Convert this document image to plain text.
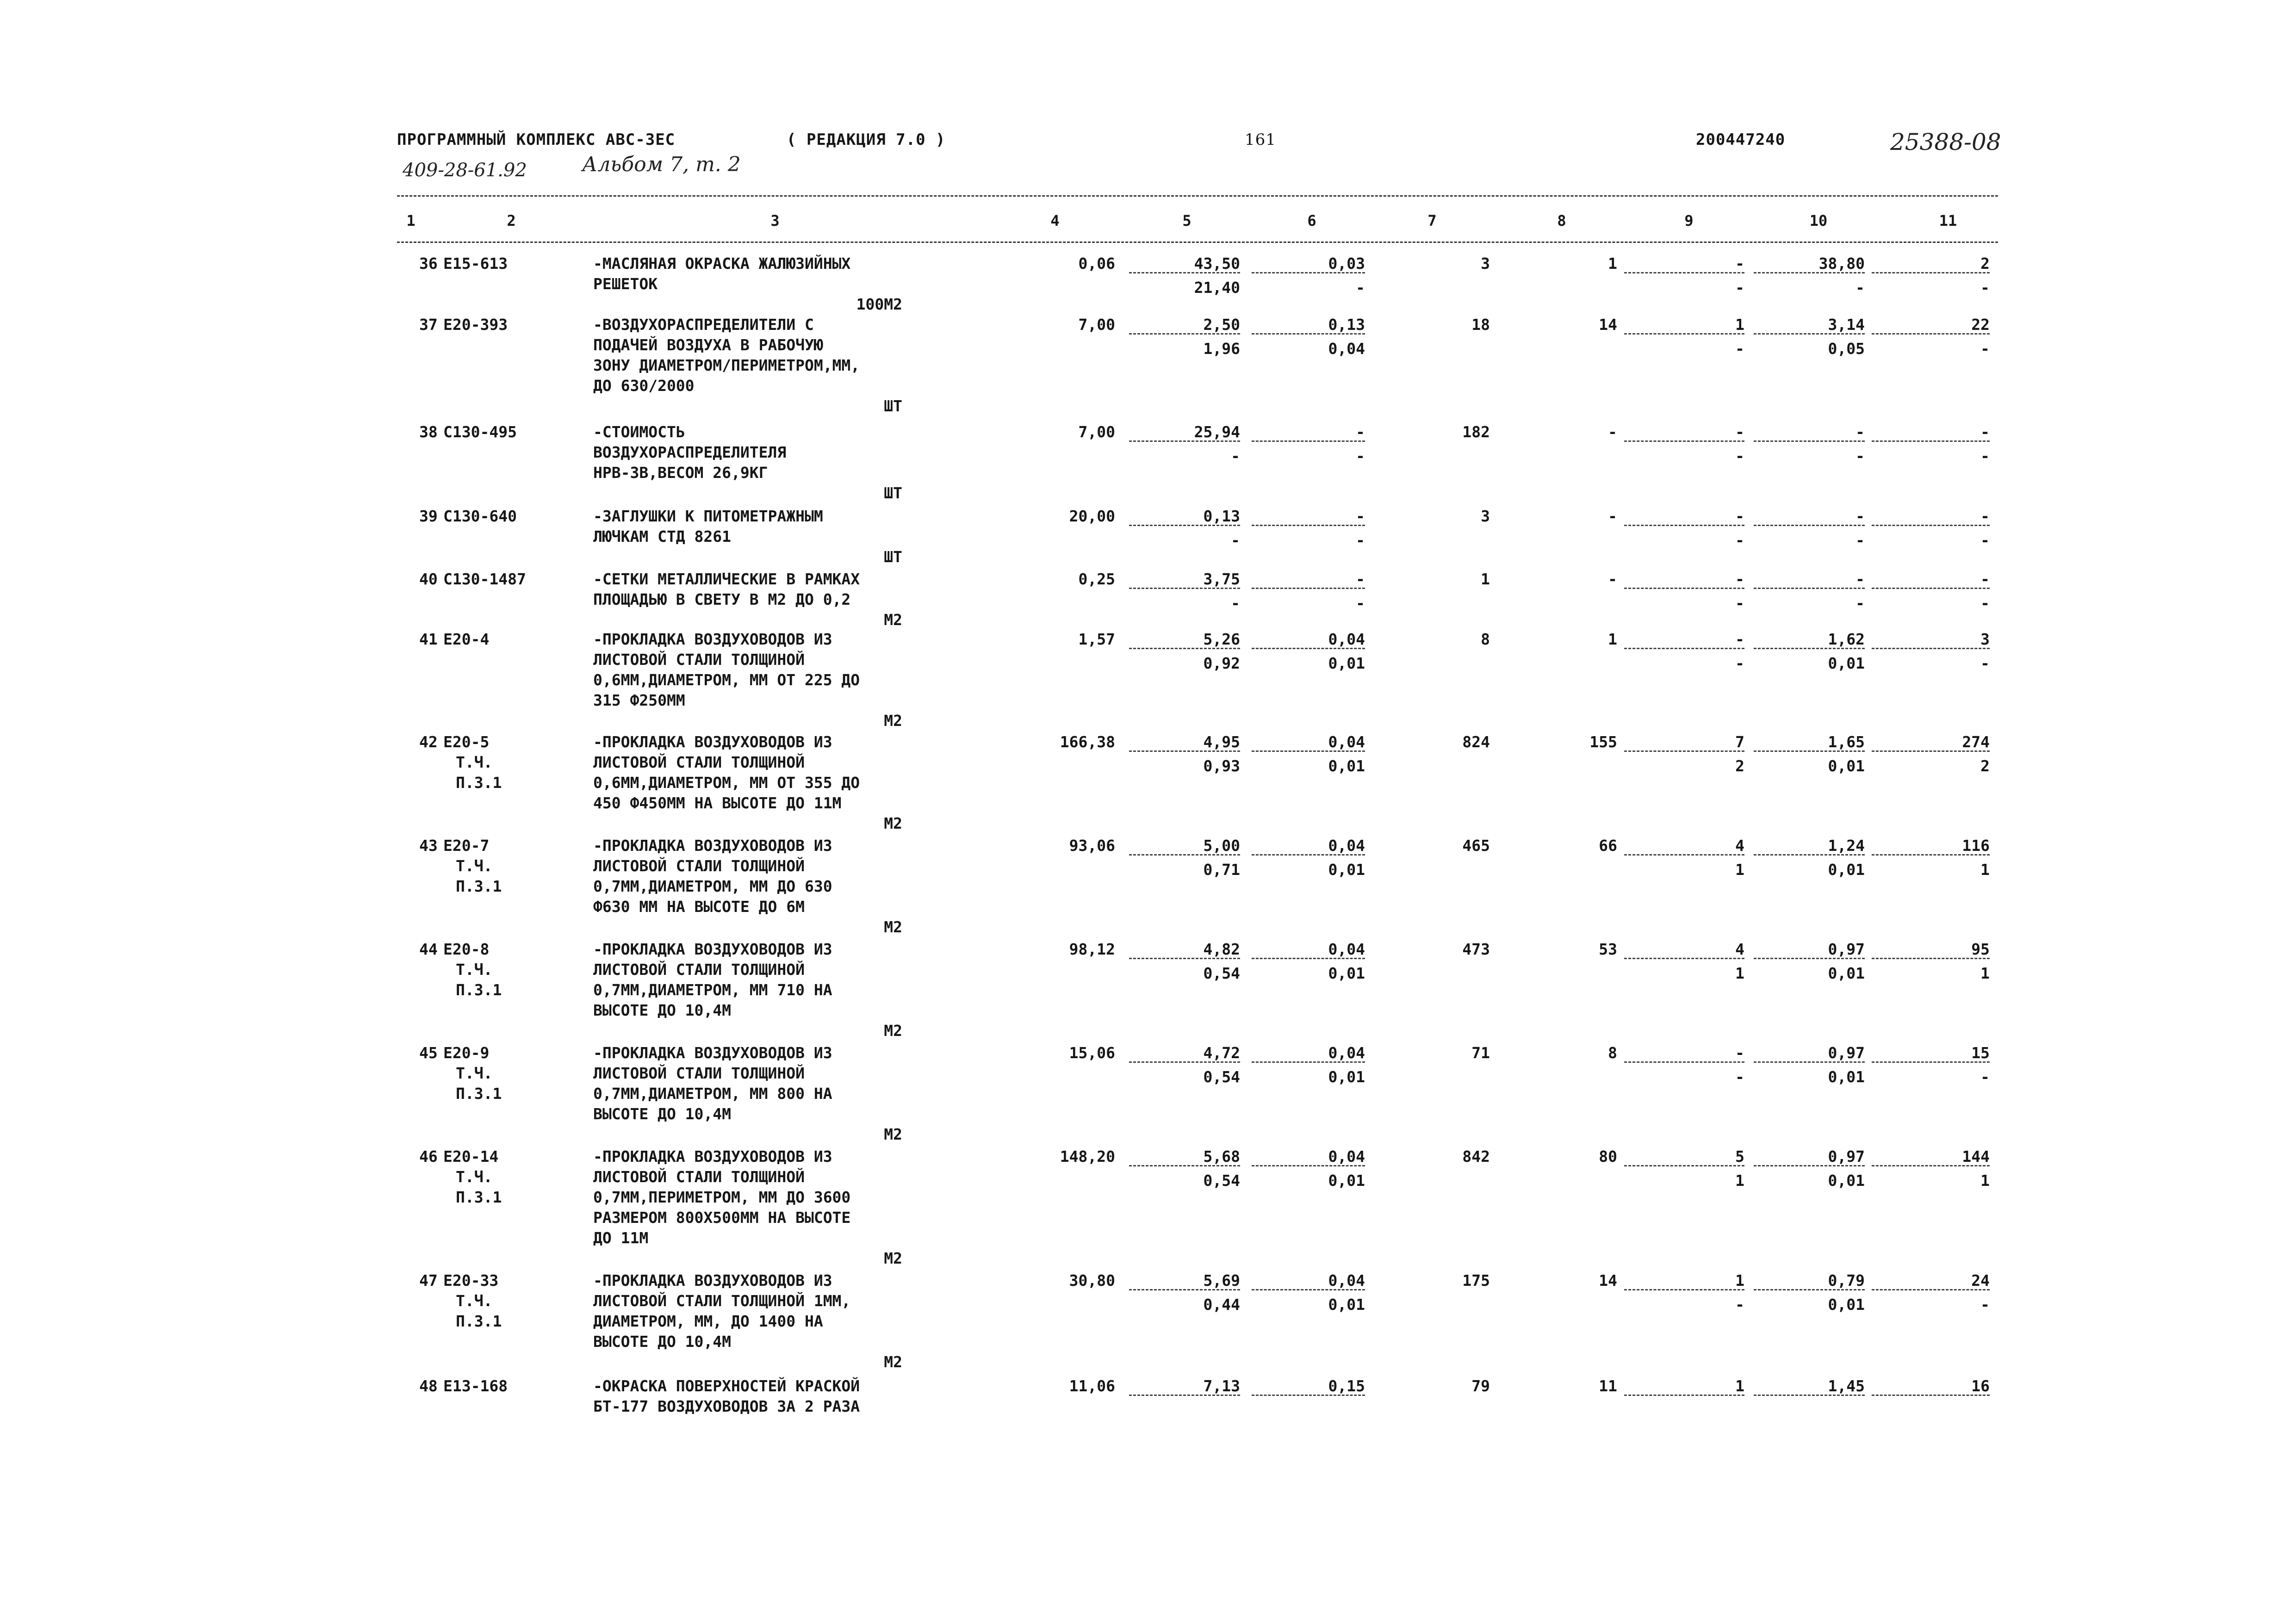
ПРОГРАММНЫЙ КОМПЛЕКС АВС-3ЕС	( РЕДАКЦИЯ 7.0 )	161	200447240	25388-08
409-28-61.92	Альбом 7, т. 2
1	2	3	4	5	6	7	8	9	10	11
36 Е15-613	-МАСЛЯНАЯ ОКРАСКА ЖАЛЮЗИЙНЫХ
РЕШЕТОК
100М2
0,06	43,50	0,03	3	1	-	38,80	2
21,40	-	-	-	-
37 Е20-393	-ВОЗДУХОРАСПРЕДЕЛИТЕЛИ С
ПОДАЧЕЙ ВОЗДУХА В РАБОЧУЮ
ЗОНУ ДИАМЕТРОМ/ПЕРИМЕТРОМ,ММ,
ДО 630/2000
ШТ
7,00	2,50	0,13	18	14	1	3,14	22
1,96	0,04	-	0,05	-
38 С130-495	-СТОИМОСТЬ
ВОЗДУХОРАСПРЕДЕЛИТЕЛЯ
НРВ-3В,ВЕСОМ 26,9КГ
ШТ
7,00	25,94	-	182	-	-	-	-
-	-	-	-	-
39 С130-640	-ЗАГЛУШКИ К ПИТОМЕТРАЖНЫМ
ЛЮЧКАМ СТД 8261
ШТ
20,00	0,13	-	3	-	-	-	-
-	-	-	-	-
40 С130-1487	-СЕТКИ МЕТАЛЛИЧЕСКИЕ В РАМКАХ
ПЛОЩАДЬЮ В СВЕТУ В М2 ДО 0,2
М2
0,25	3,75	-	1	-	-	-	-
-	-	-	-	-
41 Е20-4	-ПРОКЛАДКА ВОЗДУХОВОДОВ ИЗ
ЛИСТОВОЙ СТАЛИ ТОЛЩИНОЙ
0,6ММ,ДИАМЕТРОМ, ММ ОТ 225 ДО
315 Ф250ММ
М2
1,57	5,26	0,04	8	1	-	1,62	3
0,92	0,01	-	0,01	-
42 Е20-5
Т.Ч.
П.3.1
-ПРОКЛАДКА ВОЗДУХОВОДОВ ИЗ
ЛИСТОВОЙ СТАЛИ ТОЛЩИНОЙ
0,6ММ,ДИАМЕТРОМ, ММ ОТ 355 ДО
450 Ф450ММ НА ВЫСОТЕ ДО 11М
М2
166,38	4,95	0,04	824	155	7	1,65	274
0,93	0,01	2	0,01	2
43 Е20-7
Т.Ч.
П.3.1
-ПРОКЛАДКА ВОЗДУХОВОДОВ ИЗ
ЛИСТОВОЙ СТАЛИ ТОЛЩИНОЙ
0,7ММ,ДИАМЕТРОМ, ММ ДО 630
Ф630 ММ НА ВЫСОТЕ ДО 6М
М2
93,06	5,00	0,04	465	66	4	1,24	116
0,71	0,01	1	0,01	1
44 Е20-8
Т.Ч.
П.3.1
-ПРОКЛАДКА ВОЗДУХОВОДОВ ИЗ
ЛИСТОВОЙ СТАЛИ ТОЛЩИНОЙ
0,7ММ,ДИАМЕТРОМ, ММ 710 НА
ВЫСОТЕ ДО 10,4М
М2
98,12	4,82	0,04	473	53	4	0,97	95
0,54	0,01	1	0,01	1
45 Е20-9
Т.Ч.
П.3.1
-ПРОКЛАДКА ВОЗДУХОВОДОВ ИЗ
ЛИСТОВОЙ СТАЛИ ТОЛЩИНОЙ
0,7ММ,ДИАМЕТРОМ, ММ 800 НА
ВЫСОТЕ ДО 10,4М
М2
15,06	4,72	0,04	71	8	-	0,97	15
0,54	0,01	-	0,01	-
46 Е20-14
Т.Ч.
П.3.1
-ПРОКЛАДКА ВОЗДУХОВОДОВ ИЗ
ЛИСТОВОЙ СТАЛИ ТОЛЩИНОЙ
0,7ММ,ПЕРИМЕТРОМ, ММ ДО 3600
РАЗМЕРОМ 800Х500ММ НА ВЫСОТЕ
ДО 11М
М2
148,20	5,68	0,04	842	80	5	0,97	144
0,54	0,01	1	0,01	1
47 Е20-33
Т.Ч.
П.3.1
-ПРОКЛАДКА ВОЗДУХОВОДОВ ИЗ
ЛИСТОВОЙ СТАЛИ ТОЛЩИНОЙ 1ММ,
ДИАМЕТРОМ, ММ, ДО 1400 НА
ВЫСОТЕ ДО 10,4М
М2
30,80	5,69	0,04	175	14	1	0,79	24
0,44	0,01	-	0,01	-
48 Е13-168	-ОКРАСКА ПОВЕРХНОСТЕЙ КРАСКОЙ
БТ-177 ВОЗДУХОВОДОВ ЗА 2 РАЗА
11,06	7,13	0,15	79	11	1	1,45	16
